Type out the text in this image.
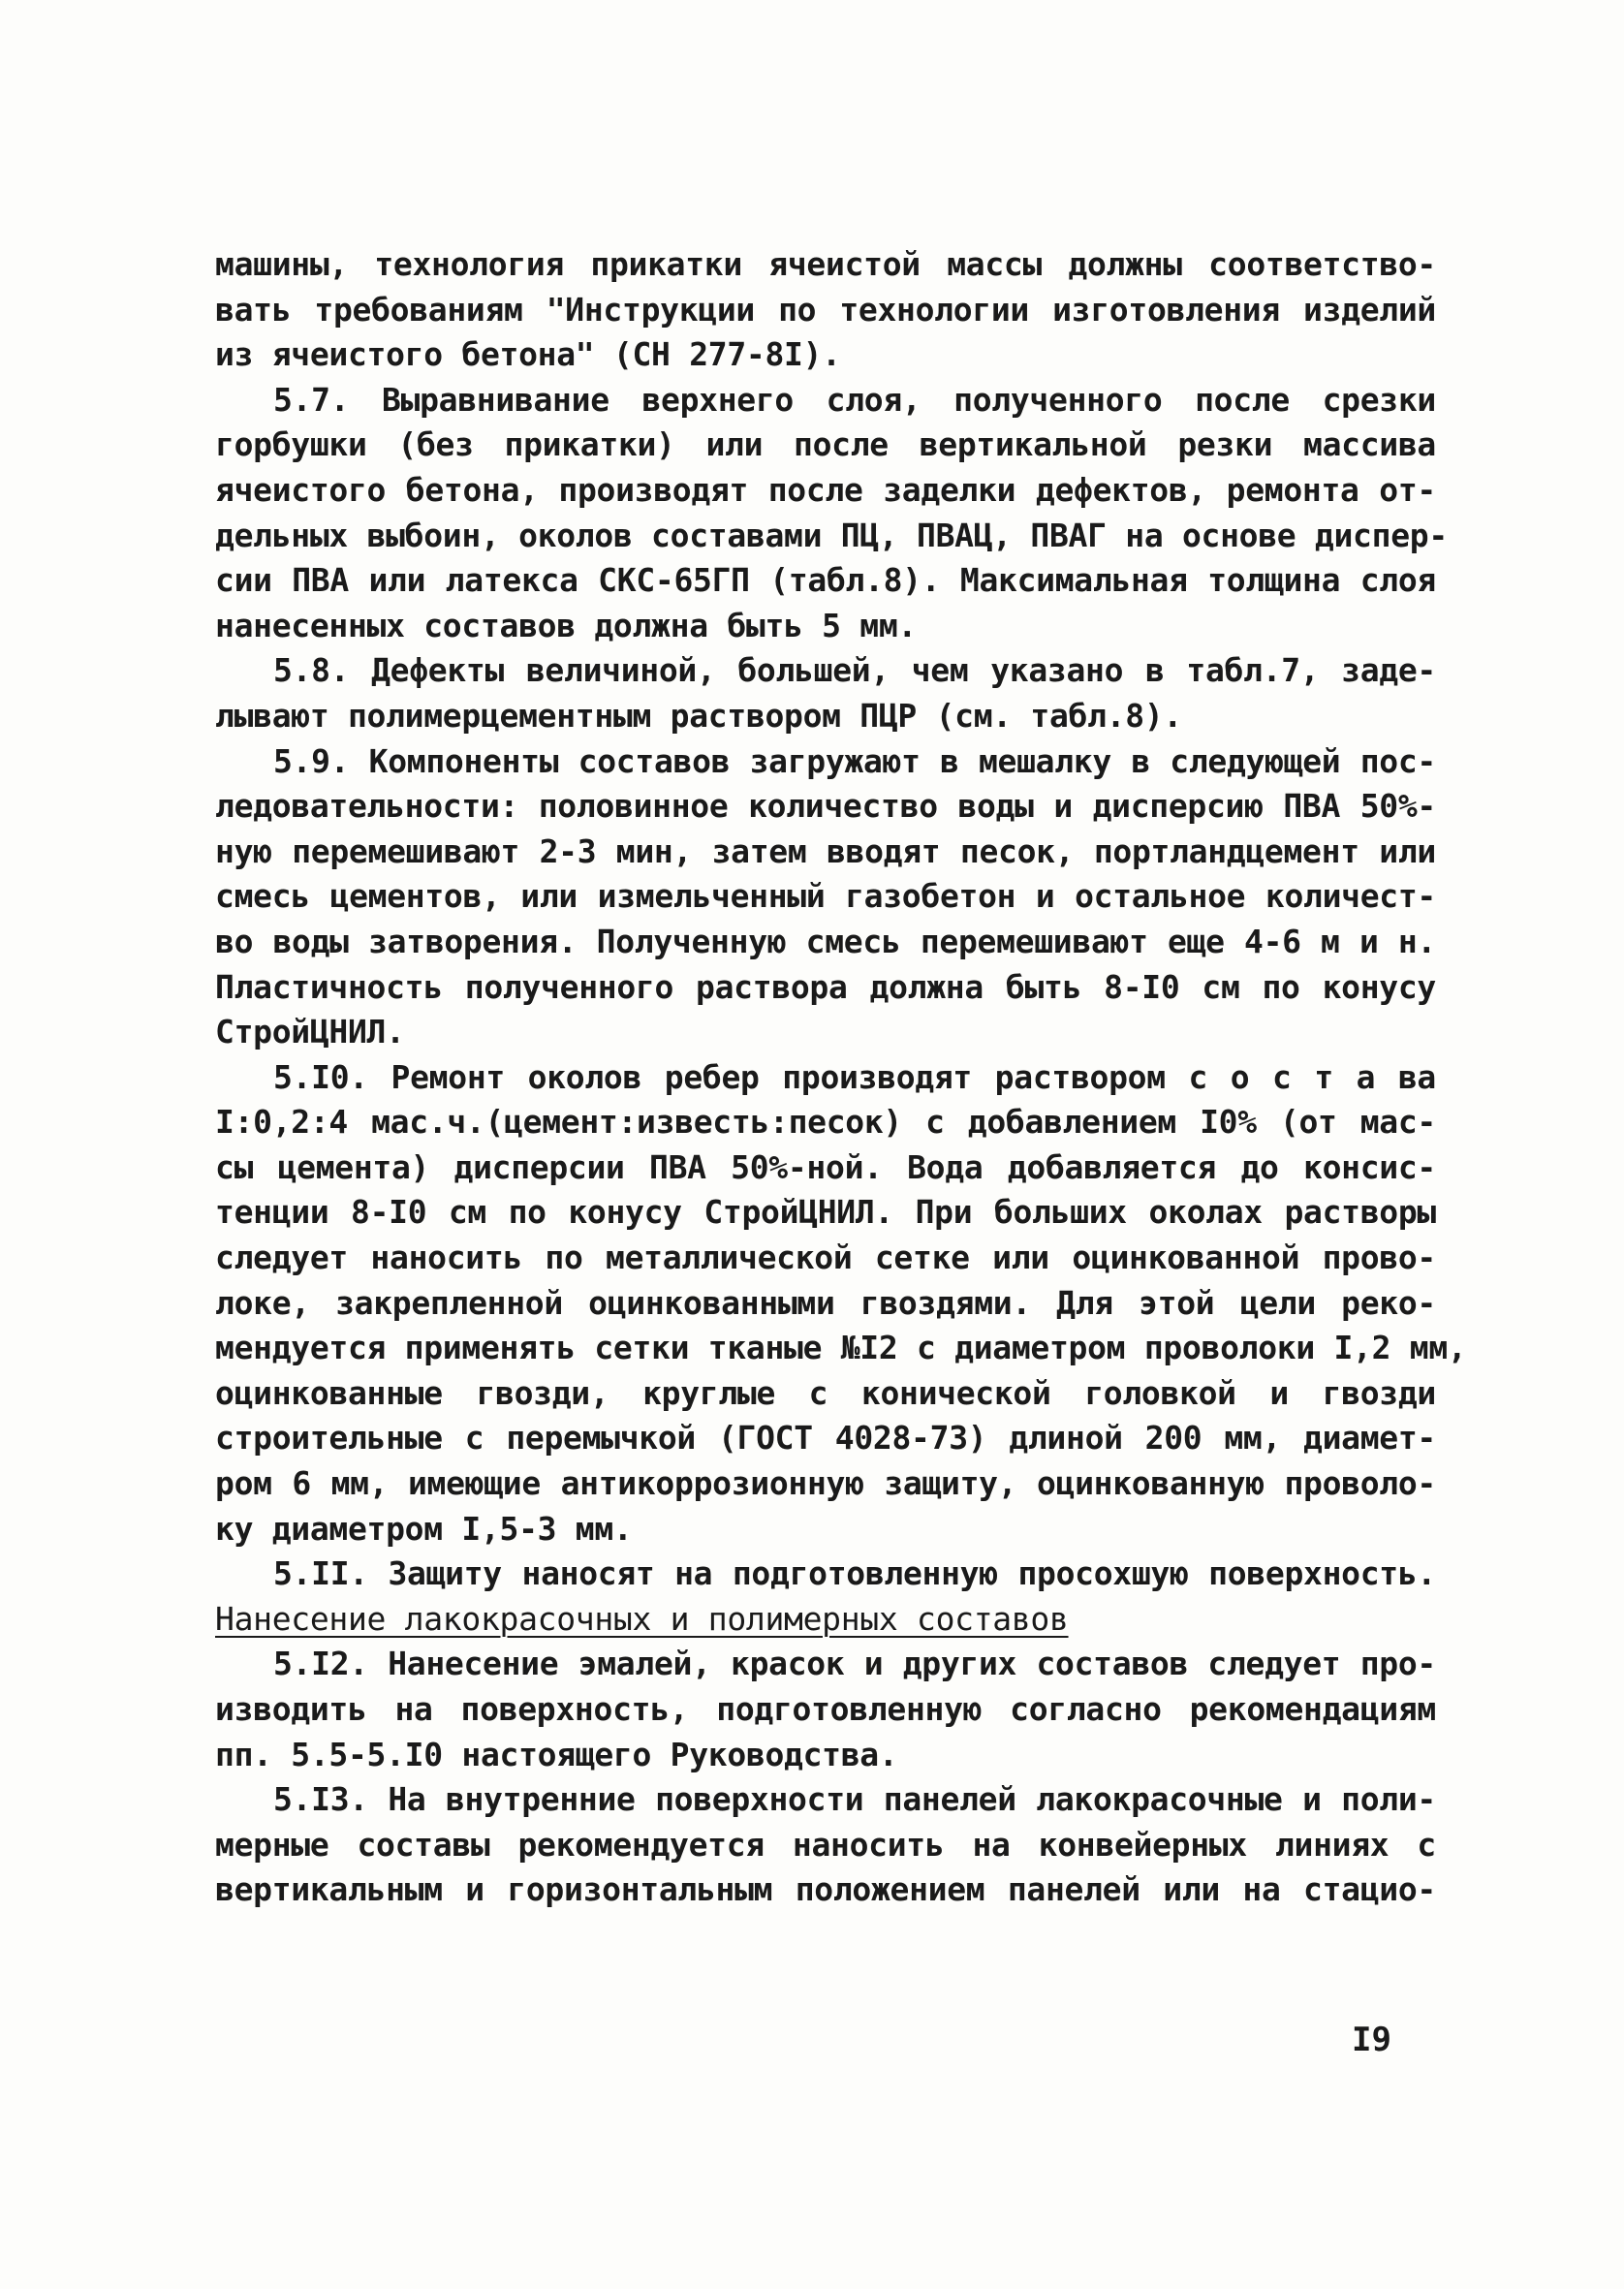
машины, технология прикатки ячеистой массы должны соответство-
вать требованиям "Инструкции по технологии изготовления изделий
из ячеистого бетона" (СН 277-8I).
5.7. Выравнивание верхнего слоя, полученного после срезки
горбушки (без прикатки) или после вертикальной резки массива
ячеистого бетона, производят после заделки дефектов, ремонта от-
дельных выбоин, околов составами ПЦ, ПВАЦ, ПВАГ на основе диспер-
сии ПВА или латекса СКС-65ГП (табл.8). Максимальная толщина слоя
нанесенных составов должна быть 5 мм.
5.8. Дефекты величиной, большей, чем указано в табл.7, заде-
лывают полимерцементным раствором ПЦР (см. табл.8).
5.9. Компоненты составов загружают в мешалку в следующей пос-
ледовательности: половинное количество воды и дисперсию ПВА 50%-
ную перемешивают 2-3 мин, затем вводят песок, портландцемент или
смесь цементов, или измельченный газобетон и остальное количест-
во воды затворения. Полученную смесь перемешивают еще 4-6 м и н.
Пластичность полученного раствора должна быть 8-I0 см по конусу
СтройЦНИЛ.
5.I0. Ремонт околов ребер производят раствором с о с т а ва
I:0,2:4 мас.ч.(цемент:известь:песок) с добавлением I0% (от мас-
сы цемента) дисперсии ПВА 50%-ной. Вода добавляется до консис-
тенции 8-I0 см по конусу СтройЦНИЛ. При больших околах растворы
следует наносить по металлической сетке или оцинкованной прово-
локе, закрепленной оцинкованными гвоздями. Для этой цели реко-
мендуется применять сетки тканые №I2 с диаметром проволоки I,2 мм,
оцинкованные гвозди, круглые с конической головкой и гвозди
строительные с перемычкой (ГОСТ 4028-73) длиной 200 мм, диамет-
ром 6 мм, имеющие антикоррозионную защиту, оцинкованную проволо-
ку диаметром I,5-3 мм.
5.II. Защиту наносят на подготовленную просохшую поверхность.
Нанесение лакокрасочных и полимерных составов
5.I2. Нанесение эмалей, красок и других составов следует про-
изводить на поверхность, подготовленную согласно рекомендациям
пп. 5.5-5.I0 настоящего Руководства.
5.I3. На внутренние поверхности панелей лакокрасочные и поли-
мерные составы рекомендуется наносить на конвейерных линиях с
вертикальным и горизонтальным положением панелей или на стацио-
I9
